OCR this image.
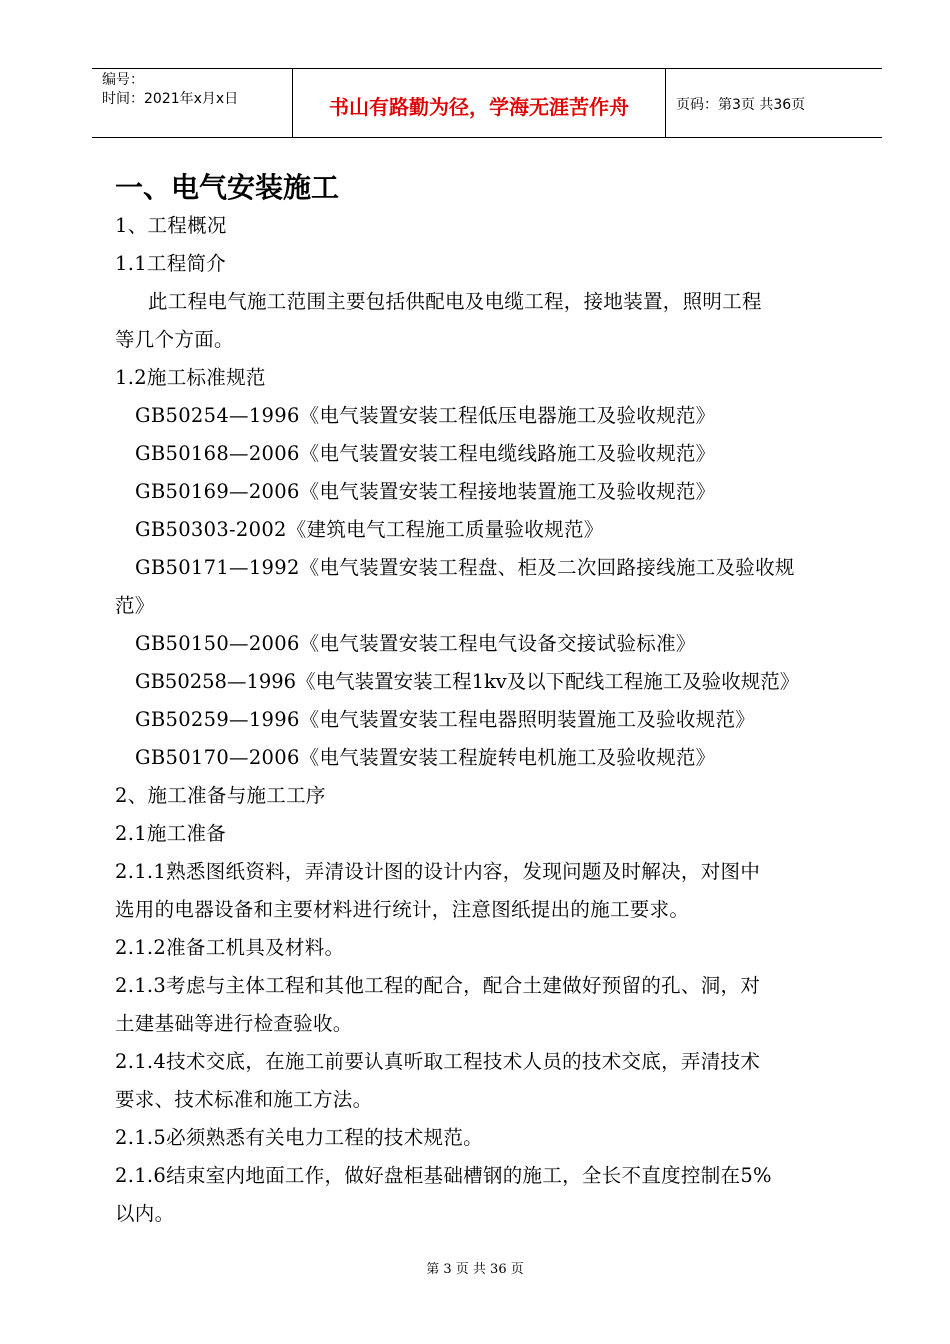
编号：
时间：2021年x月x日	书山有路勤为径，学海无涯苦作舟	页码：第3页 共36页
一、电气安装施工
1、工程概况
1.1工程简介
此工程电气施工范围主要包括供配电及电缆工程，接地装置，照明工程
等几个方面。
1.2施工标准规范
GB50254—1996《电气装置安装工程低压电器施工及验收规范》
GB50168—2006《电气装置安装工程电缆线路施工及验收规范》
GB50169—2006《电气装置安装工程接地装置施工及验收规范》
GB50303-2002《建筑电气工程施工质量验收规范》
GB50171—1992《电气装置安装工程盘、柜及二次回路接线施工及验收规
范》
GB50150—2006《电气装置安装工程电气设备交接试验标准》
GB50258—1996《电气装置安装工程1kv及以下配线工程施工及验收规范》
GB50259—1996《电气装置安装工程电器照明装置施工及验收规范》
GB50170—2006《电气装置安装工程旋转电机施工及验收规范》
2、施工准备与施工工序
2.1施工准备
2.1.1熟悉图纸资料，弄清设计图的设计内容，发现问题及时解决，对图中
选用的电器设备和主要材料进行统计，注意图纸提出的施工要求。
2.1.2准备工机具及材料。
2.1.3考虑与主体工程和其他工程的配合，配合土建做好预留的孔、洞，对
土建基础等进行检查验收。
2.1.4技术交底，在施工前要认真听取工程技术人员的技术交底，弄清技术
要求、技术标准和施工方法。
2.1.5必须熟悉有关电力工程的技术规范。
2.1.6结束室内地面工作，做好盘柜基础槽钢的施工，全长不直度控制在5%
以内。
第 3 页 共 36 页
